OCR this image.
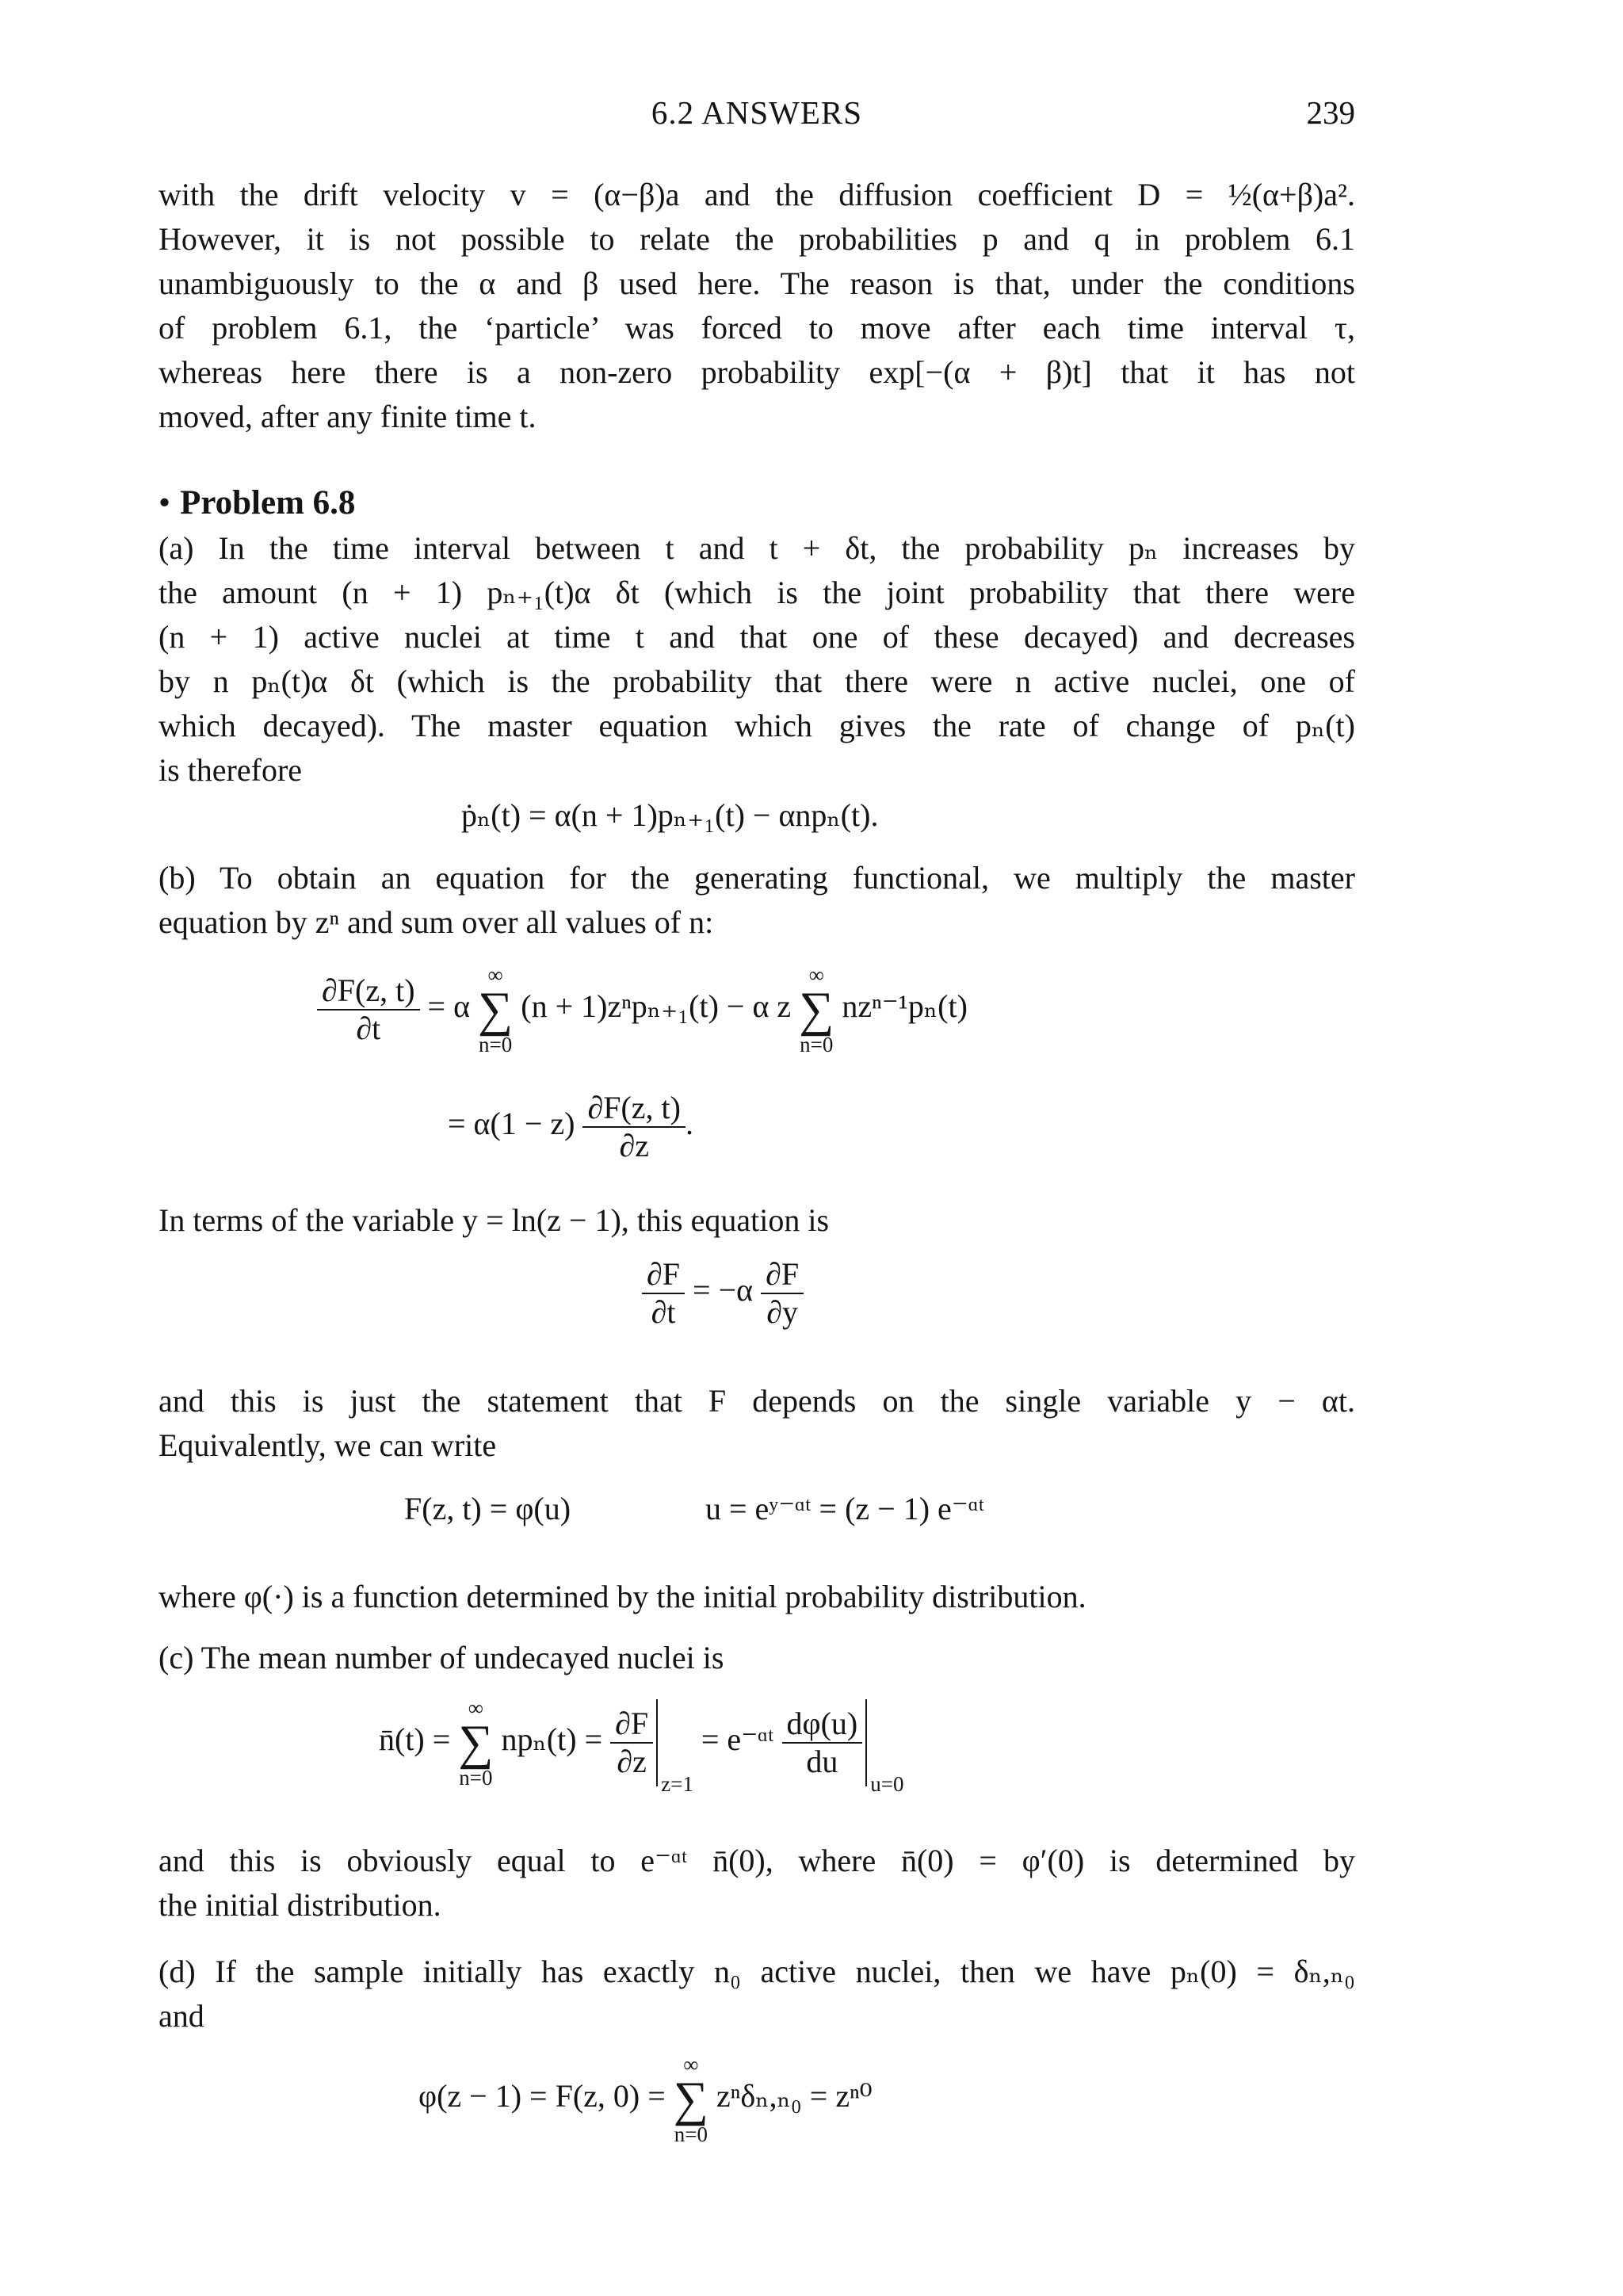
6.2 ANSWERS	239
with the drift velocity v = (α−β)a and the diffusion coefficient D = ½(α+β)a².
However, it is not possible to relate the probabilities p and q in problem 6.1
unambiguously to the α and β used here. The reason is that, under the conditions
of problem 6.1, the ‘particle’ was forced to move after each time interval τ,
whereas here there is a non-zero probability exp[−(α + β)t] that it has not
moved, after any finite time t.
• Problem 6.8
(a) In the time interval between t and t + δt, the probability pₙ increases by
the amount (n + 1) pₙ₊₁(t)α δt (which is the joint probability that there were
(n + 1) active nuclei at time t and that one of these decayed) and decreases
by n pₙ(t)α δt (which is the probability that there were n active nuclei, one of
which decayed). The master equation which gives the rate of change of pₙ(t)
is therefore
ṗₙ(t) = α(n + 1)pₙ₊₁(t) − αnpₙ(t).
(b) To obtain an equation for the generating functional, we multiply the master
equation by zⁿ and sum over all values of n:
$\frac{\partial F(z, t)}{\partial t} = \alpha$
∞
∑
n=0
(n + 1)zⁿpₙ₊₁(t) − α z
∞
∑
n=0
nzⁿ⁻¹pₙ(t)
= $\alpha(1 - z) \frac{\partial F(z, t)}{\partial z}$ .
In terms of the variable y = ln(z − 1), this equation is
$\frac{\partial F}{\partial t} = -\alpha \frac{\partial F}{\partial y}$
and this is just the statement that F depends on the single variable y − αt.
Equivalently, we can write
F(z, t) = φ(u)	u = eʸ⁻ᵅᵗ = (z − 1) e⁻ᵅᵗ
where φ(·) is a function determined by the initial probability distribution.
(c) The mean number of undecayed nuclei is
n̄(t) =
∞
∑
n=0
$np_n(t) = \frac{\partial F}{\partial z}$
z=1 = e⁻ᵅᵗ $\frac{d\varphi(u)}{du}$
u=0
and this is obviously equal to e⁻ᵅᵗ n̄(0), where n̄(0) = φ′(0) is determined by
the initial distribution.
(d) If the sample initially has exactly n₀ active nuclei, then we have pₙ(0) = δₙ,ₙ₀
and
φ(z − 1) = F(z, 0) =
∞
∑
n=0
zⁿδₙ,ₙ₀ = zⁿ⁰
